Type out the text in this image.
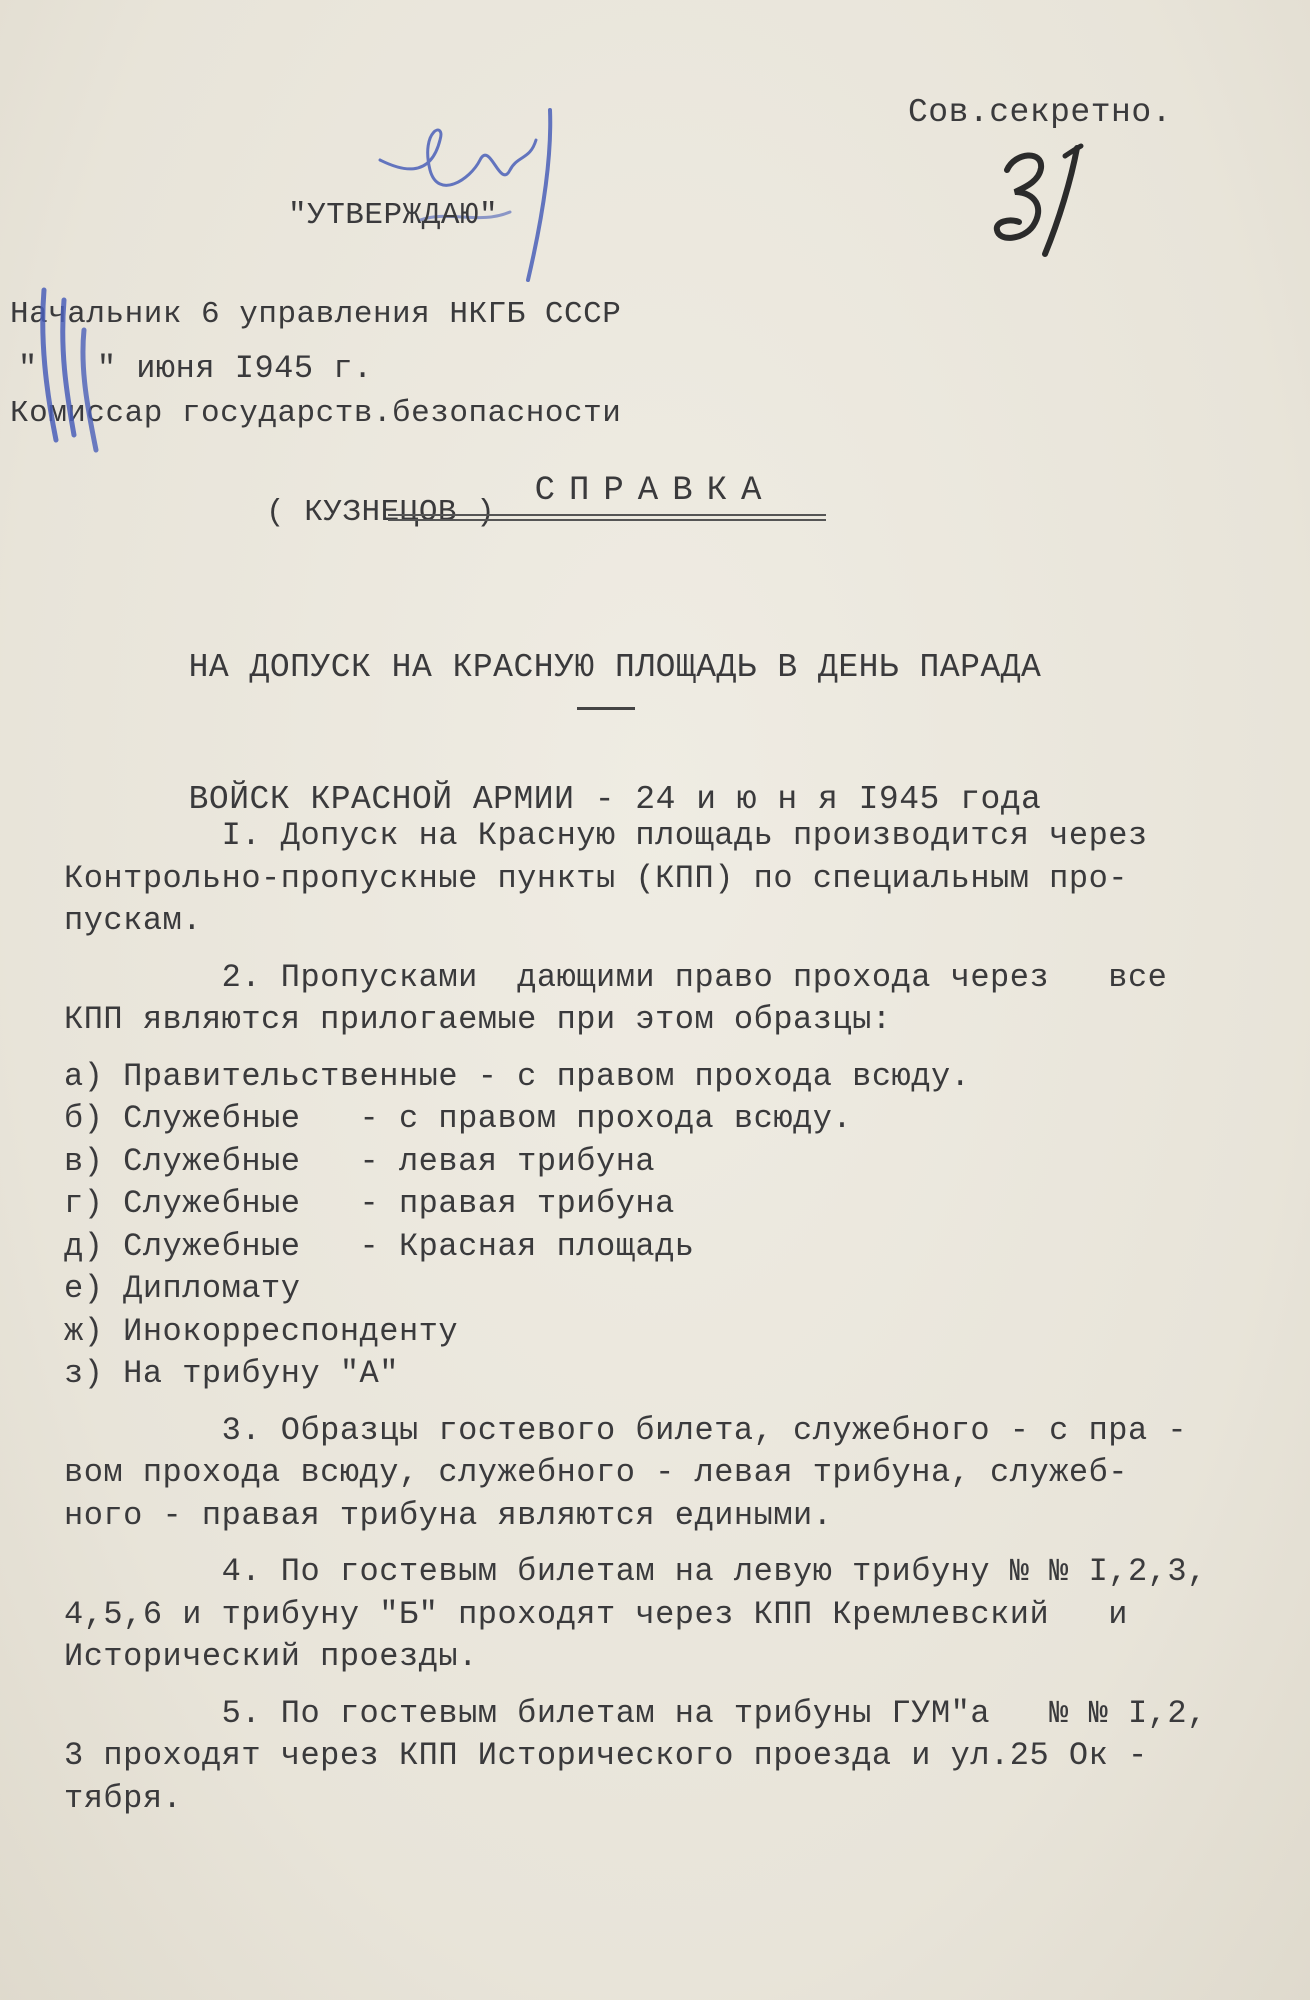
Сов.секретно.

"УТВЕРЖДАЮ"

Начальник 6 управления НКГБ СССР

Комиссар государств.безопасности

( КУЗНЕЦОВ )

"   " июня I945 г.
СПРАВКА

НА ДОПУСК НА КРАСНУЮ ПЛОЩАДЬ В ДЕНЬ ПАРАДА

ВОЙСК КРАСНОЙ АРМИИ - 24 и ю н я I945 года

I. Допуск на Красную площадь производится через
Контрольно-пропускные пункты (КПП) по специальным про-
пускам.
2. Пропусками  дающими право прохода через   все
КПП являются прилогаемые при этом образцы:
а) Правительственные - с правом прохода всюду.
б) Служебные   - с правом прохода всюду.
в) Служебные   - левая трибуна
г) Служебные   - правая трибуна
д) Служебные   - Красная площадь
е) Дипломату
ж) Инокорреспонденту
з) На трибуну "А"
3. Образцы гостевого билета, служебного - с пра -
вом прохода всюду, служебного - левая трибуна, служеб-
ного - правая трибуна являются едиными.
4. По гостевым билетам на левую трибуну № № I,2,3,
4,5,6 и трибуну "Б" проходят через КПП Кремлевский   и
Исторический проезды.
5. По гостевым билетам на трибуны ГУМ"а   № № I,2,
3 проходят через КПП Исторического проезда и ул.25 Ок -
тября.
